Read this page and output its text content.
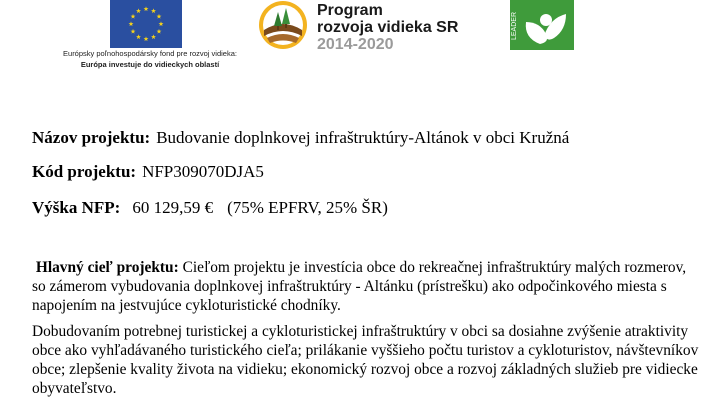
Európsky poľnohospodársky fond pre rozvoj vidieka:
Európa investuje do vidieckych oblastí
Program
rozvoja vidieka SR
2014-2020
LEADER
Názov projektu: Budovanie doplnkovej infraštruktúry-Altánok v obci Kružná
Kód projektu: NFP309070DJA5
Výška NFP: 60 129,59 € (75% EPFRV, 25% ŠR)

Hlavný cieľ projektu: Cieľom projektu je investícia obce do rekreačnej infraštruktúry malých rozmerov, so zámerom vybudovania doplnkovej infraštruktúry - Altánku (prístrešku) ako odpočinkového miesta s napojením na jestvujúce cykloturistické chodníky.

Dobudovaním potrebnej turistickej a cykloturistickej infraštruktúry v obci sa dosiahne zvýšenie atraktivity obce ako vyhľadávaného turistického cieľa; prilákanie vyššieho počtu turistov a cykloturistov, návštevníkov obce; zlepšenie kvality života na vidieku; ekonomický rozvoj obce a rozvoj základných služieb pre vidiecke obyvateľstvo.
